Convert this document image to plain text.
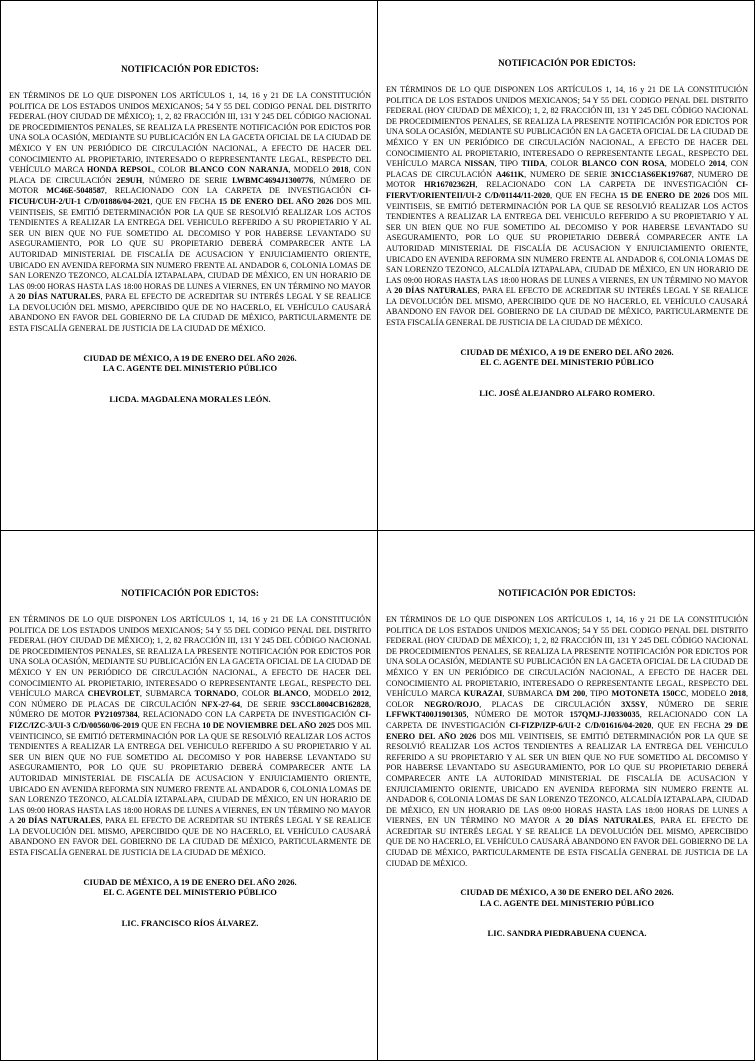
NOTIFICACIÓN POR EDICTOS:

EN TÉRMINOS DE LO QUE DISPONEN LOS ARTÍCULOS 1, 14, 16 y 21 DE LA CONSTITUCIÓN POLITICA DE LOS ESTADOS UNIDOS MEXICANOS; 54 Y 55 DEL CODIGO PENAL DEL DISTRITO FEDERAL (HOY CIUDAD DE MÉXICO); 1, 2, 82 FRACCIÓN III, 131 Y 245 DEL CÓDIGO NACIONAL DE PROCEDIMIENTOS PENALES, SE REALIZA LA PRESENTE NOTIFICACIÓN POR EDICTOS POR UNA SOLA OCASIÓN, MEDIANTE SU PUBLICACIÓN EN LA GACETA OFICIAL DE LA CIUDAD DE MÉXICO Y EN UN PERIÓDICO DE CIRCULACIÓN NACIONAL, A EFECTO DE HACER DEL CONOCIMIENTO AL PROPIETARIO, INTERESADO O REPRESENTANTE LEGAL, RESPECTO DEL VEHÍCULO MARCA HONDA REPSOL, COLOR BLANCO CON NARANJA, MODELO 2018, CON PLACA DE CIRCULACIÓN 2E9UH, NÚMERO DE SERIE LWBMC4694J1300776, NÚMERO DE MOTOR MC46E-5048587, RELACIONADO CON LA CARPETA DE INVESTIGACIÓN CI-FICUH/CUH-2/UI-1 C/D/01886/04-2021, QUE EN FECHA 15 DE ENERO DEL AÑO 2026 DOS MIL VEINTISEIS, SE EMITIÓ DETERMINACIÓN POR LA QUE SE RESOLVIÓ REALIZAR LOS ACTOS TENDIENTES A REALIZAR LA ENTREGA DEL VEHICULO REFERIDO A SU PROPIETARIO Y AL SER UN BIEN QUE NO FUE SOMETIDO AL DECOMISO Y POR HABERSE LEVANTADO SU ASEGURAMIENTO, POR LO QUE SU PROPIETARIO DEBERÁ COMPARECER ANTE LA AUTORIDAD MINISTERIAL DE FISCALÍA DE ACUSACION Y ENJUICIAMIENTO ORIENTE, UBICADO EN AVENIDA REFORMA SIN NUMERO FRENTE AL ANDADOR 6, COLONIA LOMAS DE SAN LORENZO TEZONCO, ALCALDÍA IZTAPALAPA, CIUDAD DE MÉXICO, EN UN HORARIO DE LAS 09:00 HORAS HASTA LAS 18:00 HORAS DE LUNES A VIERNES, EN UN TÉRMINO NO MAYOR A 20 DÍAS NATURALES, PARA EL EFECTO DE ACREDITAR SU INTERÉS LEGAL Y SE REALICE LA DEVOLUCIÓN DEL MISMO, APERCIBIDO QUE DE NO HACERLO, EL VEHÍCULO CAUSARÁ ABANDONO EN FAVOR DEL GOBIERNO DE LA CIUDAD DE MÉXICO, PARTICULARMENTE DE ESTA FISCALÍA GENERAL DE JUSTICIA DE LA CIUDAD DE MÉXICO.

CIUDAD DE MÉXICO, A 19 DE ENERO DEL AÑO 2026.

LA C. AGENTE DEL MINISTERIO PÚBLICO

LICDA. MAGDALENA MORALES LEÓN.

NOTIFICACIÓN POR EDICTOS:

EN TÉRMINOS DE LO QUE DISPONEN LOS ARTÍCULOS 1, 14, 16 y 21 DE LA CONSTITUCIÓN POLITICA DE LOS ESTADOS UNIDOS MEXICANOS; 54 Y 55 DEL CODIGO PENAL DEL DISTRITO FEDERAL (HOY CIUDAD DE MÉXICO); 1, 2, 82 FRACCIÓN III, 131 Y 245 DEL CÓDIGO NACIONAL DE PROCEDIMIENTOS PENALES, SE REALIZA LA PRESENTE NOTIFICACIÓN POR EDICTOS POR UNA SOLA OCASIÓN, MEDIANTE SU PUBLICACIÓN EN LA GACETA OFICIAL DE LA CIUDAD DE MÉXICO Y EN UN PERIÓDICO DE CIRCULACIÓN NACIONAL, A EFECTO DE HACER DEL CONOCIMIENTO AL PROPIETARIO, INTERESADO O REPRESENTANTE LEGAL, RESPECTO DEL VEHÍCULO MARCA NISSAN, TIPO TIIDA, COLOR BLANCO CON ROSA, MODELO 2014, CON PLACAS DE CIRCULACIÓN A4611K, NUMERO DE SERIE 3N1CC1AS6EK197687, NUMERO DE MOTOR HR16702362H, RELACIONADO CON LA CARPETA DE INVESTIGACIÓN CI-FIERVT/ORIENTEII/UI-2 C/D/01144/11-2020, QUE EN FECHA 15 DE ENERO DE 2026 DOS MIL VEINTISEIS, SE EMITIÓ DETERMINACIÓN POR LA QUE SE RESOLVIÓ REALIZAR LOS ACTOS TENDIENTES A REALIZAR LA ENTREGA DEL VEHICULO REFERIDO A SU PROPIETARIO Y AL SER UN BIEN QUE NO FUE SOMETIDO AL DECOMISO Y POR HABERSE LEVANTADO SU ASEGURAMIENTO, POR LO QUE SU PROPIETARIO DEBERÁ COMPARECER ANTE LA AUTORIDAD MINISTERIAL DE FISCALÍA DE ACUSACION Y ENJUICIAMIENTO ORIENTE, UBICADO EN AVENIDA REFORMA SIN NUMERO FRENTE AL ANDADOR 6, COLONIA LOMAS DE SAN LORENZO TEZONCO, ALCALDÍA IZTAPALAPA, CIUDAD DE MÉXICO, EN UN HORARIO DE LAS 09:00 HORAS HASTA LAS 18:00 HORAS DE LUNES A VIERNES, EN UN TÉRMINO NO MAYOR A 20 DÍAS NATURALES, PARA EL EFECTO DE ACREDITAR SU INTERÉS LEGAL Y SE REALICE LA DEVOLUCIÓN DEL MISMO, APERCIBIDO QUE DE NO HACERLO, EL VEHÍCULO CAUSARÁ ABANDONO EN FAVOR DEL GOBIERNO DE LA CIUDAD DE MÉXICO, PARTICULARMENTE DE ESTA FISCALÍA GENERAL DE JUSTICIA DE LA CIUDAD DE MÉXICO.

CIUDAD DE MÉXICO, A 19 DE ENERO DEL AÑO 2026.

EL C. AGENTE DEL MINISTERIO PÚBLICO

LIC. JOSÉ ALEJANDRO ALFARO ROMERO.

NOTIFICACIÓN POR EDICTOS:

EN TÉRMINOS DE LO QUE DISPONEN LOS ARTÍCULOS 1, 14, 16 y 21 DE LA CONSTITUCIÓN POLITICA DE LOS ESTADOS UNIDOS MEXICANOS; 54 Y 55 DEL CODIGO PENAL DEL DISTRITO FEDERAL (HOY CIUDAD DE MÉXICO); 1, 2, 82 FRACCIÓN III, 131 Y 245 DEL CÓDIGO NACIONAL DE PROCEDIMIENTOS PENALES, SE REALIZA LA PRESENTE NOTIFICACIÓN POR EDICTOS POR UNA SOLA OCASIÓN, MEDIANTE SU PUBLICACIÓN EN LA GACETA OFICIAL DE LA CIUDAD DE MÉXICO Y EN UN PERIÓDICO DE CIRCULACIÓN NACIONAL, A EFECTO DE HACER DEL CONOCIMIENTO AL PROPIETARIO, INTERESADO O REPRESENTANTE LEGAL, RESPECTO DEL VEHÍCULO MARCA CHEVROLET, SUBMARCA TORNADO, COLOR BLANCO, MODELO 2012, CON NÚMERO DE PLACAS DE CIRCULACIÓN NFX-27-64, DE SERIE 93CCL8004CB162828, NÚMERO DE MOTOR PY21097384, RELACIONADO CON LA CARPETA DE INVESTIGACIÓN CI-FIZC/IZC-3/UI-3 C/D/00560/06-2019 QUE EN FECHA 10 DE NOVIEMBRE DEL AÑO 2025 DOS MIL VEINTICINCO, SE EMITIÓ DETERMINACIÓN POR LA QUE SE RESOLVIÓ REALIZAR LOS ACTOS TENDIENTES A REALIZAR LA ENTREGA DEL VEHICULO REFERIDO A SU PROPIETARIO Y AL SER UN BIEN QUE NO FUE SOMETIDO AL DECOMISO Y POR HABERSE LEVANTADO SU ASEGURAMIENTO, POR LO QUE SU PROPIETARIO DEBERÁ COMPARECER ANTE LA AUTORIDAD MINISTERIAL DE FISCALÍA DE ACUSACION Y ENJUICIAMIENTO ORIENTE, UBICADO EN AVENIDA REFORMA SIN NUMERO FRENTE AL ANDADOR 6, COLONIA LOMAS DE SAN LORENZO TEZONCO, ALCALDÍA IZTAPALAPA, CIUDAD DE MÉXICO, EN UN HORARIO DE LAS 09:00 HORAS HASTA LAS 18:00 HORAS DE LUNES A VIERNES, EN UN TÉRMINO NO MAYOR A 20 DÍAS NATURALES, PARA EL EFECTO DE ACREDITAR SU INTERÉS LEGAL Y SE REALICE LA DEVOLUCIÓN DEL MISMO, APERCIBIDO QUE DE NO HACERLO, EL VEHÍCULO CAUSARÁ ABANDONO EN FAVOR DEL GOBIERNO DE LA CIUDAD DE MÉXICO, PARTICULARMENTE DE ESTA FISCALÍA GENERAL DE JUSTICIA DE LA CIUDAD DE MÉXICO.

CIUDAD DE MÉXICO, A 19 DE ENERO DEL AÑO 2026.

EL C. AGENTE DEL MINISTERIO PÚBLICO

LIC. FRANCISCO RÍOS ÁLVAREZ.

NOTIFICACIÓN POR EDICTOS:

EN TÉRMINOS DE LO QUE DISPONEN LOS ARTÍCULOS 1, 14, 16 y 21 DE LA CONSTITUCIÓN POLITICA DE LOS ESTADOS UNIDOS MEXICANOS; 54 Y 55 DEL CODIGO PENAL DEL DISTRITO FEDERAL (HOY CIUDAD DE MÉXICO); 1, 2, 82 FRACCIÓN III, 131 Y 245 DEL CÓDIGO NACIONAL DE PROCEDIMIENTOS PENALES, SE REALIZA LA PRESENTE NOTIFICACIÓN POR EDICTOS POR UNA SOLA OCASIÓN, MEDIANTE SU PUBLICACIÓN EN LA GACETA OFICIAL DE LA CIUDAD DE MÉXICO Y EN UN PERIÓDICO DE CIRCULACIÓN NACIONAL, A EFECTO DE HACER DEL CONOCIMIENTO AL PROPIETARIO, INTERESADO O REPRESENTANTE LEGAL, RESPECTO DEL VEHÍCULO MARCA KURAZAI, SUBMARCA DM 200, TIPO MOTONETA 150CC, MODELO 2018, COLOR NEGRO/ROJO, PLACAS DE CIRCULACIÓN 3X5SY, NÚMERO DE SERIE LFFWKT400J1901305, NÚMERO DE MOTOR 157QMJ-JJ0330035, RELACIONADO CON LA CARPETA DE INVESTIGACIÓN CI-FIZP/IZP-6/UI-2 C/D/01616/04-2020, QUE EN FECHA 29 DE ENERO DEL AÑO 2026 DOS MIL VEINTISEIS, SE EMITIÓ DETERMINACIÓN POR LA QUE SE RESOLVIÓ REALIZAR LOS ACTOS TENDIENTES A REALIZAR LA ENTREGA DEL VEHICULO REFERIDO A SU PROPIETARIO Y AL SER UN BIEN QUE NO FUE SOMETIDO AL DECOMISO Y POR HABERSE LEVANTADO SU ASEGURAMIENTO, POR LO QUE SU PROPIETARIO DEBERÁ COMPARECER ANTE LA AUTORIDAD MINISTERIAL DE FISCALÍA DE ACUSACION Y ENJUICIAMIENTO ORIENTE, UBICADO EN AVENIDA REFORMA SIN NUMERO FRENTE AL ANDADOR 6, COLONIA LOMAS DE SAN LORENZO TEZONCO, ALCALDÍA IZTAPALAPA, CIUDAD DE MÉXICO, EN UN HORARIO DE LAS 09:00 HORAS HASTA LAS 18:00 HORAS DE LUNES A VIERNES, EN UN TÉRMINO NO MAYOR A 20 DÍAS NATURALES, PARA EL EFECTO DE ACREDITAR SU INTERÉS LEGAL Y SE REALICE LA DEVOLUCIÓN DEL MISMO, APERCIBIDO QUE DE NO HACERLO, EL VEHÍCULO CAUSARÁ ABANDONO EN FAVOR DEL GOBIERNO DE LA CIUDAD DE MÉXICO, PARTICULARMENTE DE ESTA FISCALÍA GENERAL DE JUSTICIA DE LA CIUDAD DE MÉXICO.

CIUDAD DE MÉXICO, A 30 DE ENERO DEL AÑO 2026.

LA C. AGENTE DEL MINISTERIO PÚBLICO

LIC. SANDRA PIEDRABUENA CUENCA.
